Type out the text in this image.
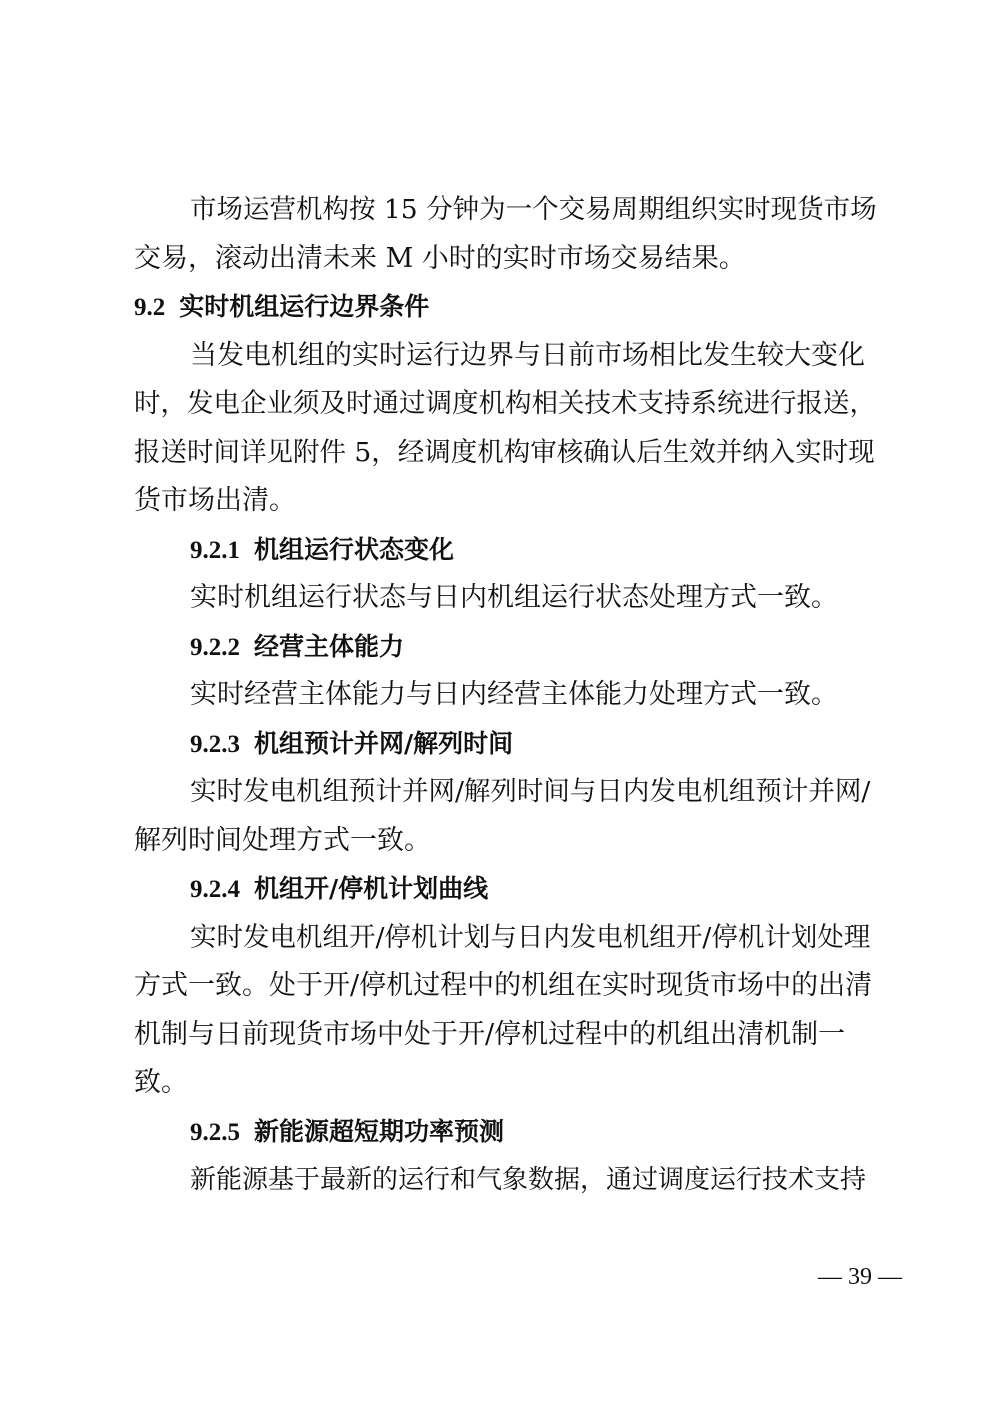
市场运营机构按 15 分钟为一个交易周期组织实时现货市场
交易，滚动出清未来 M 小时的实时市场交易结果。
9.2 实时机组运行边界条件
当发电机组的实时运行边界与日前市场相比发生较大变化
时，发电企业须及时通过调度机构相关技术支持系统进行报送，
报送时间详见附件 5，经调度机构审核确认后生效并纳入实时现
货市场出清。
9.2.1 机组运行状态变化
实时机组运行状态与日内机组运行状态处理方式一致。
9.2.2 经营主体能力
实时经营主体能力与日内经营主体能力处理方式一致。
9.2.3 机组预计并网/解列时间
实时发电机组预计并网/解列时间与日内发电机组预计并网/
解列时间处理方式一致。
9.2.4 机组开/停机计划曲线
实时发电机组开/停机计划与日内发电机组开/停机计划处理
方式一致。处于开/停机过程中的机组在实时现货市场中的出清
机制与日前现货市场中处于开/停机过程中的机组出清机制一
致。
9.2.5 新能源超短期功率预测
新能源基于最新的运行和气象数据，通过调度运行技术支持
— 39 —
